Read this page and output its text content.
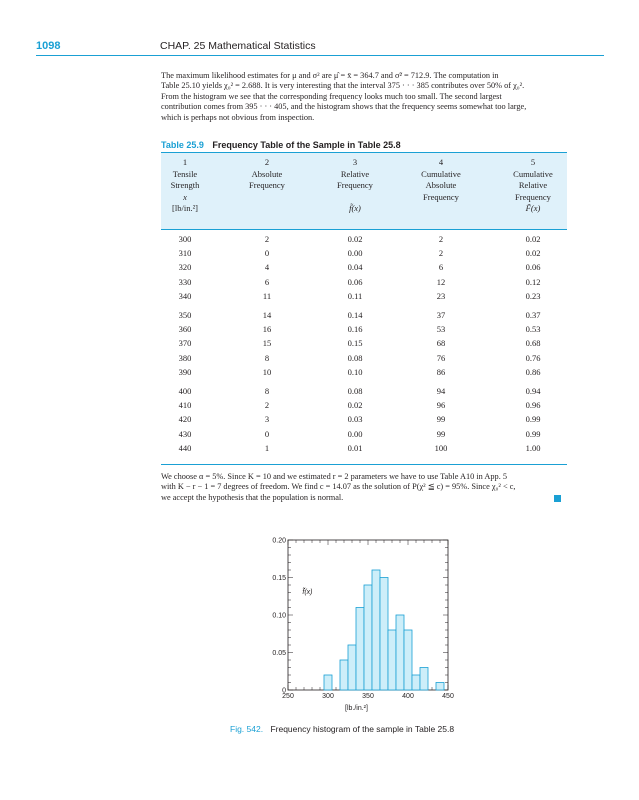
1098	CHAP. 25 Mathematical Statistics
The maximum likelihood estimates for μ and σ² are μ̂ = x̄ = 364.7 and σ̃² = 712.9. The computation in
Table 25.10 yields χ₀² = 2.688. It is very interesting that the interval 375 · · · 385 contributes over 50% of χ₀².
From the histogram we see that the corresponding frequency looks much too small. The second largest
contribution comes from 395 · · · 405, and the histogram shows that the frequency seems somewhat too large,
which is perhaps not obvious from inspection.
Table 25.9 Frequency Table of the Sample in Table 25.8
1
Tensile
Strength
x
[lb/in.²]
2
Absolute
Frequency
3
Relative
Frequency
f̃(x)
4
Cumulative
Absolute
Frequency
5
Cumulative
Relative
Frequency
F̃(x)
300	2	0.02	2	0.02
310	0	0.00	2	0.02
320	4	0.04	6	0.06
330	6	0.06	12	0.12
340	11	0.11	23	0.23
350	14	0.14	37	0.37
360	16	0.16	53	0.53
370	15	0.15	68	0.68
380	8	0.08	76	0.76
390	10	0.10	86	0.86
400	8	0.08	94	0.94
410	2	0.02	96	0.96
420	3	0.03	99	0.99
430	0	0.00	99	0.99
440	1	0.01	100	1.00
We choose α = 5%. Since K = 10 and we estimated r = 2 parameters we have to use Table A10 in App. 5
with K − r − 1 = 7 degrees of freedom. We find c = 14.07 as the solution of P(χ² ≦ c) = 95%. Since χ₀² < c,
we accept the hypothesis that the population is normal.
0
0.05
0.10
0.15
0.20
250	300	350	400	450
f̃(x)
[lb./in.²]
Fig. 542. Frequency histogram of the sample in Table 25.8
